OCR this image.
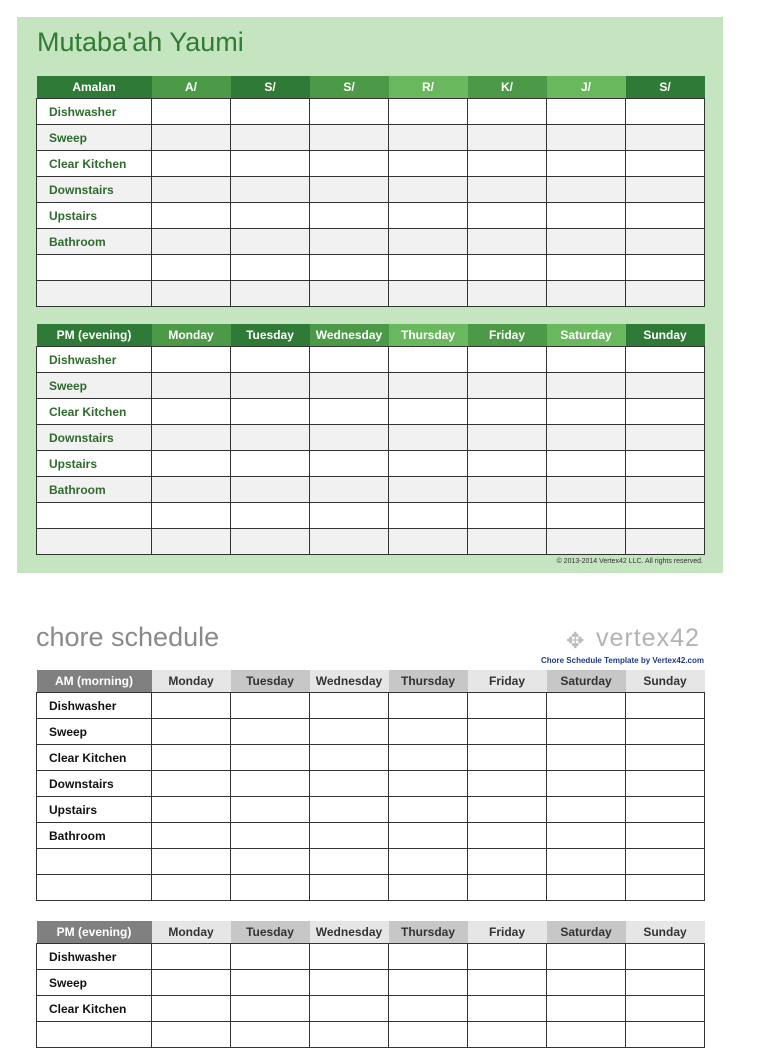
Mutaba'ah Yaumi
Amalan	A/	S/	S/	R/	K/	J/	S/
Dishwasher							
Sweep							
Clear Kitchen							
Downstairs							
Upstairs							
Bathroom							

PM (evening)	Monday	Tuesday	Wednesday	Thursday	Friday	Saturday	Sunday
Dishwasher							
Sweep							
Clear Kitchen							
Downstairs							
Upstairs							
Bathroom							

© 2013-2014 Vertex42 LLC. All rights reserved.
chore schedule	✥ vertex42
Chore Schedule Template by Vertex42.com
AM (morning)	Monday	Tuesday	Wednesday	Thursday	Friday	Saturday	Sunday
Dishwasher							
Sweep							
Clear Kitchen							
Downstairs							
Upstairs							
Bathroom							

PM (evening)	Monday	Tuesday	Wednesday	Thursday	Friday	Saturday	Sunday
Dishwasher							
Sweep							
Clear Kitchen							
